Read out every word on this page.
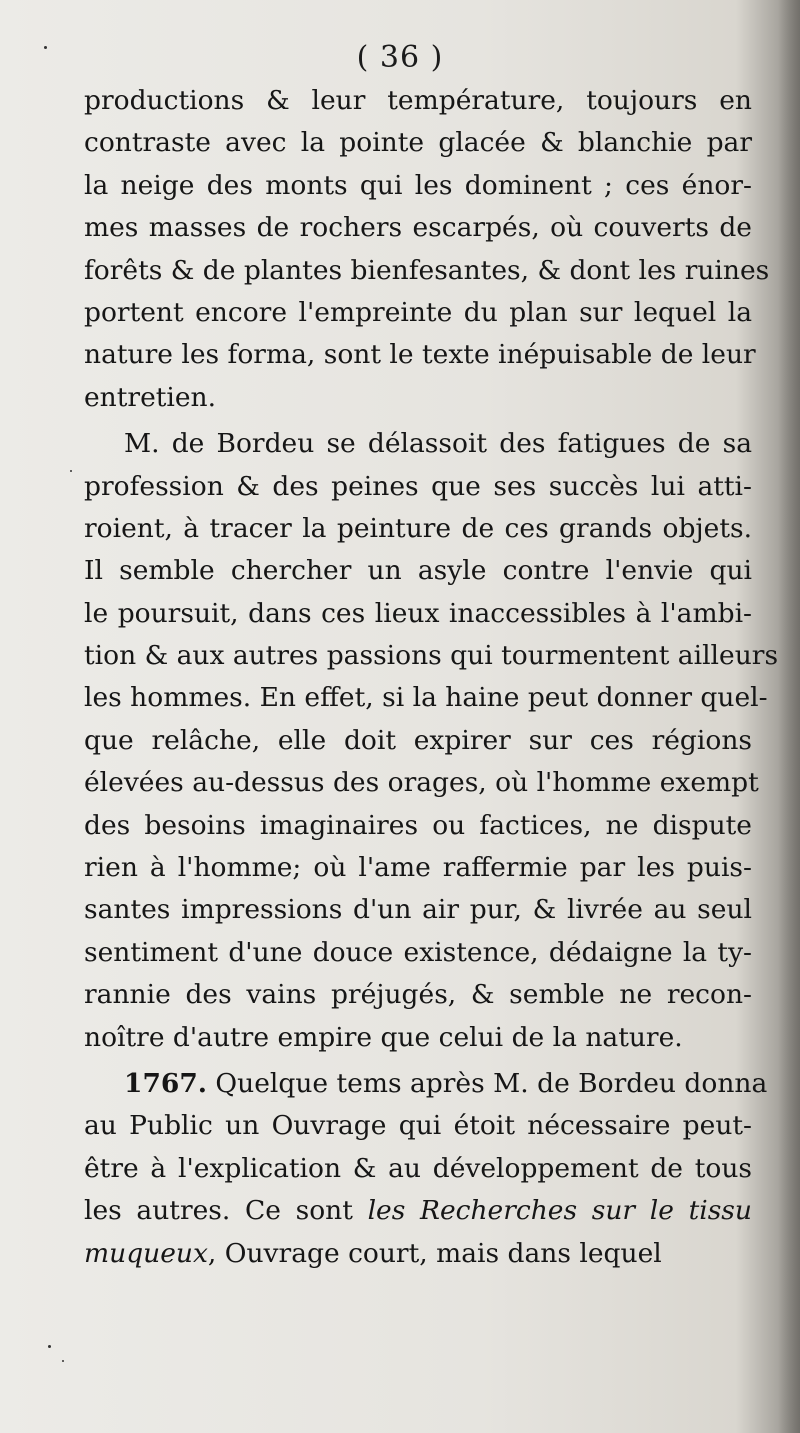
( 36 )
productions & leur température, toujours en
contraste avec la pointe glacée & blanchie par
la neige des monts qui les dominent ; ces énor-
mes masses de rochers escarpés, où couverts de
forêts & de plantes bienfesantes, & dont les ruines
portent encore l'empreinte du plan sur lequel la
nature les forma, sont le texte inépuisable de leur
entretien.
M. de Bordeu se délassoit des fatigues de sa
profession & des peines que ses succès lui atti-
roient, à tracer la peinture de ces grands objets.
Il semble chercher un asyle contre l'envie qui
le poursuit, dans ces lieux inaccessibles à l'ambi-
tion & aux autres passions qui tourmentent ailleurs
les hommes. En effet, si la haine peut donner quel-
que relâche, elle doit expirer sur ces régions
élevées au-dessus des orages, où l'homme exempt
des besoins imaginaires ou factices, ne dispute
rien à l'homme; où l'ame raffermie par les puis-
santes impressions d'un air pur, & livrée au seul
sentiment d'une douce existence, dédaigne la ty-
rannie des vains préjugés, & semble ne recon-
noître d'autre empire que celui de la nature.
1767. Quelque tems après M. de Bordeu donna
au Public un Ouvrage qui étoit nécessaire peut-
être à l'explication & au développement de tous
les autres. Ce sont les Recherches sur le tissu
muqueux, Ouvrage court, mais dans lequel
